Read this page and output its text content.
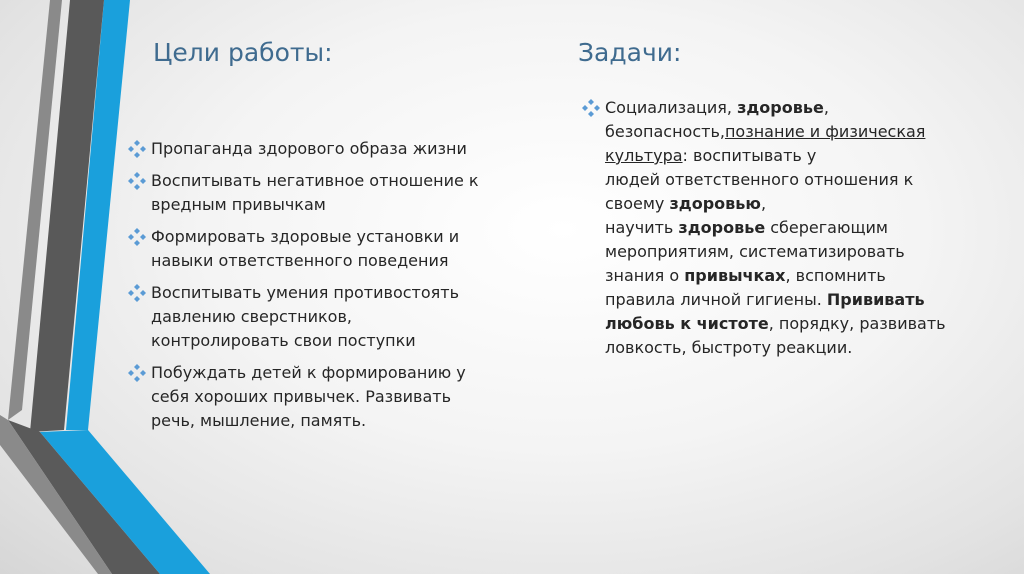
Цели работы:	Задачи:
Пропаганда здорового образа жизни
Воспитывать негативное отношение к
вредным привычкам
Формировать здоровые установки и
навыки ответственного поведения
Воспитывать умения противостоять
давлению сверстников,
контролировать свои поступки
Побуждать детей к формированию у
себя хороших привычек. Развивать
речь, мышление, память.
Социализация, здоровье,
безопасность,познание и физическая
культура: воспитывать у
людей ответственного отношения к
своему здоровью,
научить здоровье сберегающим
мероприятиям, систематизировать
знания о привычках, вспомнить
правила личной гигиены. Прививать
любовь к чистоте, порядку, развивать
ловкость, быстроту реакции.
